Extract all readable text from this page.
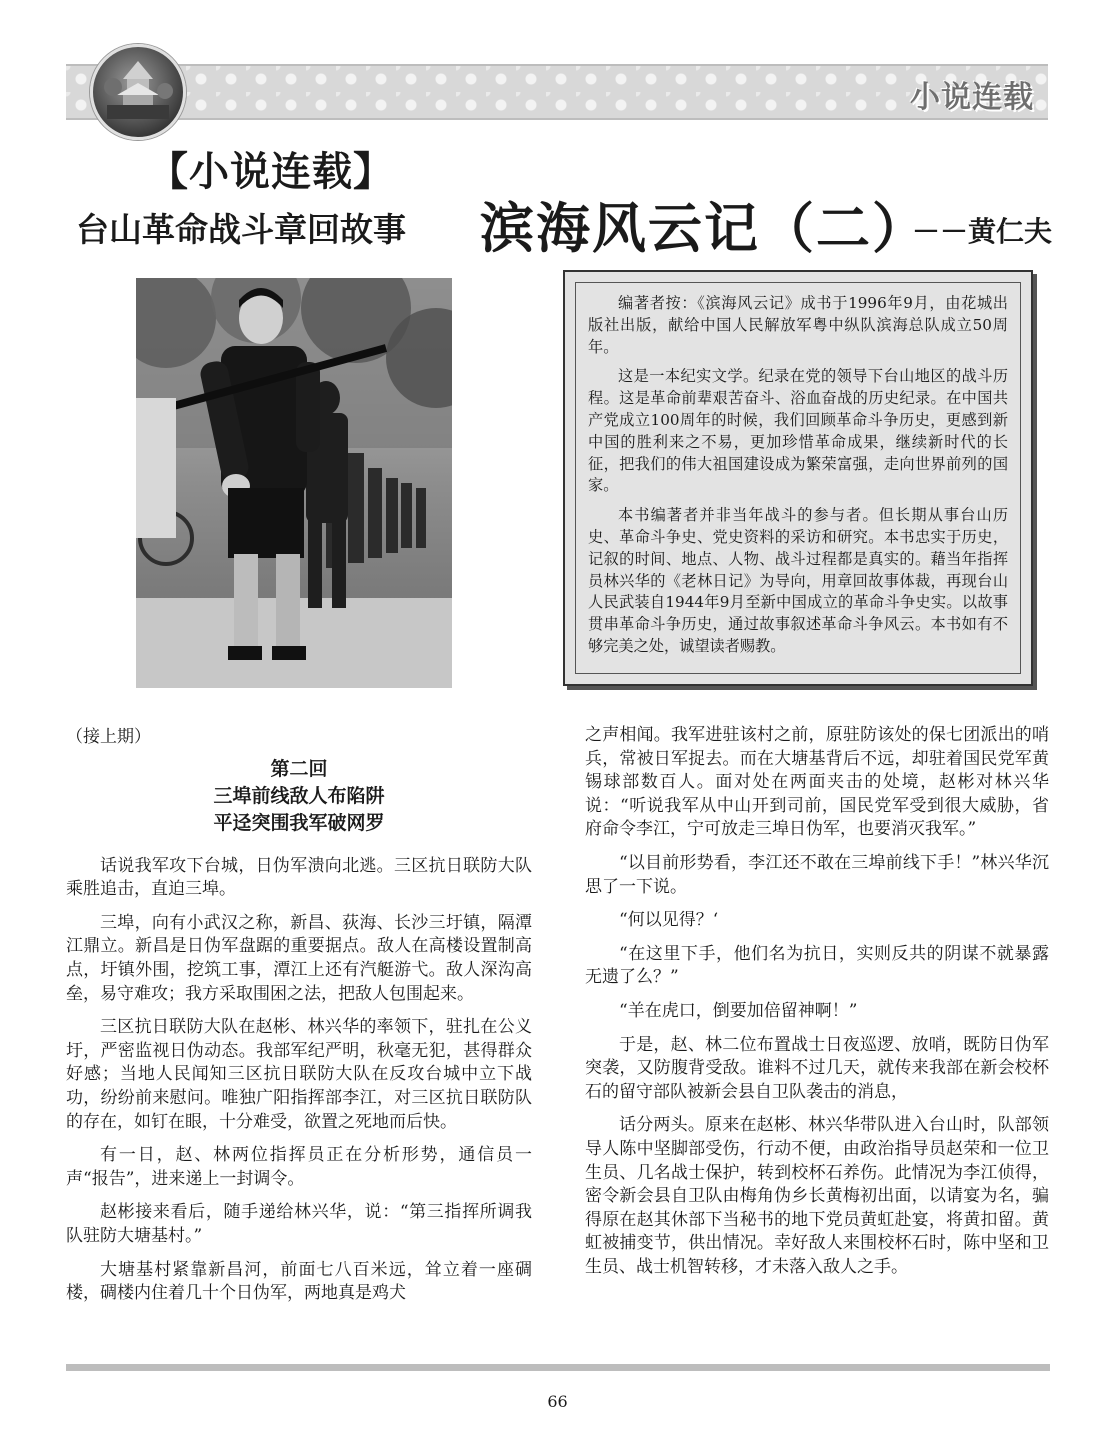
小说连载
【小说连载】
台山革命战斗章回故事 滨海风云记（二）
－－黄仁夫

编著者按：《滨海风云记》成书于1996年9月，由花城出版社出版，献给中国人民解放军粤中纵队滨海总队成立50周年。

这是一本纪实文学。纪录在党的领导下台山地区的战斗历程。这是革命前辈艰苦奋斗、浴血奋战的历史纪录。在中国共产党成立100周年的时候，我们回顾革命斗争历史，更感到新中国的胜利来之不易，更加珍惜革命成果，继续新时代的长征，把我们的伟大祖国建设成为繁荣富强，走向世界前列的国家。

本书编著者并非当年战斗的参与者。但长期从事台山历史、革命斗争史、党史资料的采访和研究。本书忠实于历史，记叙的时间、地点、人物、战斗过程都是真实的。藉当年指挥员林兴华的《老林日记》为导向，用章回故事体裁，再现台山人民武装自1944年9月至新中国成立的革命斗争史实。以故事贯串革命斗争历史，通过故事叙述革命斗争风云。本书如有不够完美之处，诚望读者赐教。

（接上期）

第二回
三埠前线敌人布陷阱
平迳突围我军破网罗

话说我军攻下台城，日伪军溃向北逃。三区抗日联防大队乘胜追击，直迫三埠。

三埠，向有小武汉之称，新昌、荻海、长沙三圩镇，隔潭江鼎立。新昌是日伪军盘踞的重要据点。敌人在高楼设置制高点，圩镇外围，挖筑工事，潭江上还有汽艇游弋。敌人深沟高垒，易守难攻；我方采取围困之法，把敌人包围起来。

三区抗日联防大队在赵彬、林兴华的率领下，驻扎在公义圩，严密监视日伪动态。我部军纪严明，秋毫无犯，甚得群众好感；当地人民闻知三区抗日联防大队在反攻台城中立下战功，纷纷前来慰问。唯独广阳指挥部李江，对三区抗日联防队的存在，如钉在眼，十分难受，欲置之死地而后快。

有一日，赵、林两位指挥员正在分析形势，通信员一声“报告”，进来递上一封调令。

赵彬接来看后，随手递给林兴华，说：“第三指挥所调我队驻防大塘基村。”

大塘基村紧靠新昌河，前面七八百米远，耸立着一座碉楼，碉楼内住着几十个日伪军，两地真是鸡犬

之声相闻。我军进驻该村之前，原驻防该处的保七团派出的哨兵，常被日军捉去。而在大塘基背后不远，却驻着国民党军黄锡球部数百人。面对处在两面夹击的处境，赵彬对林兴华说：“听说我军从中山开到司前，国民党军受到很大威胁，省府命令李江，宁可放走三埠日伪军，也要消灭我军。”

“以目前形势看，李江还不敢在三埠前线下手！”林兴华沉思了一下说。

“何以见得？‘

“在这里下手，他们名为抗日，实则反共的阴谋不就暴露无遗了么？”

“羊在虎口，倒要加倍留神啊！”

于是，赵、林二位布置战士日夜巡逻、放哨，既防日伪军突袭，又防腹背受敌。谁料不过几天，就传来我部在新会校杯石的留守部队被新会县自卫队袭击的消息，

话分两头。原来在赵彬、林兴华带队进入台山时，队部领导人陈中坚脚部受伤，行动不便，由政治指导员赵荣和一位卫生员、几名战士保护，转到校杯石养伤。此情况为李江侦得，密令新会县自卫队由梅角伪乡长黄梅初出面，以请宴为名，骗得原在赵其休部下当秘书的地下党员黄虹赴宴，将黄扣留。黄虹被捕变节，供出情况。幸好敌人来围校杯石时，陈中坚和卫生员、战士机智转移，才未落入敌人之手。

66
